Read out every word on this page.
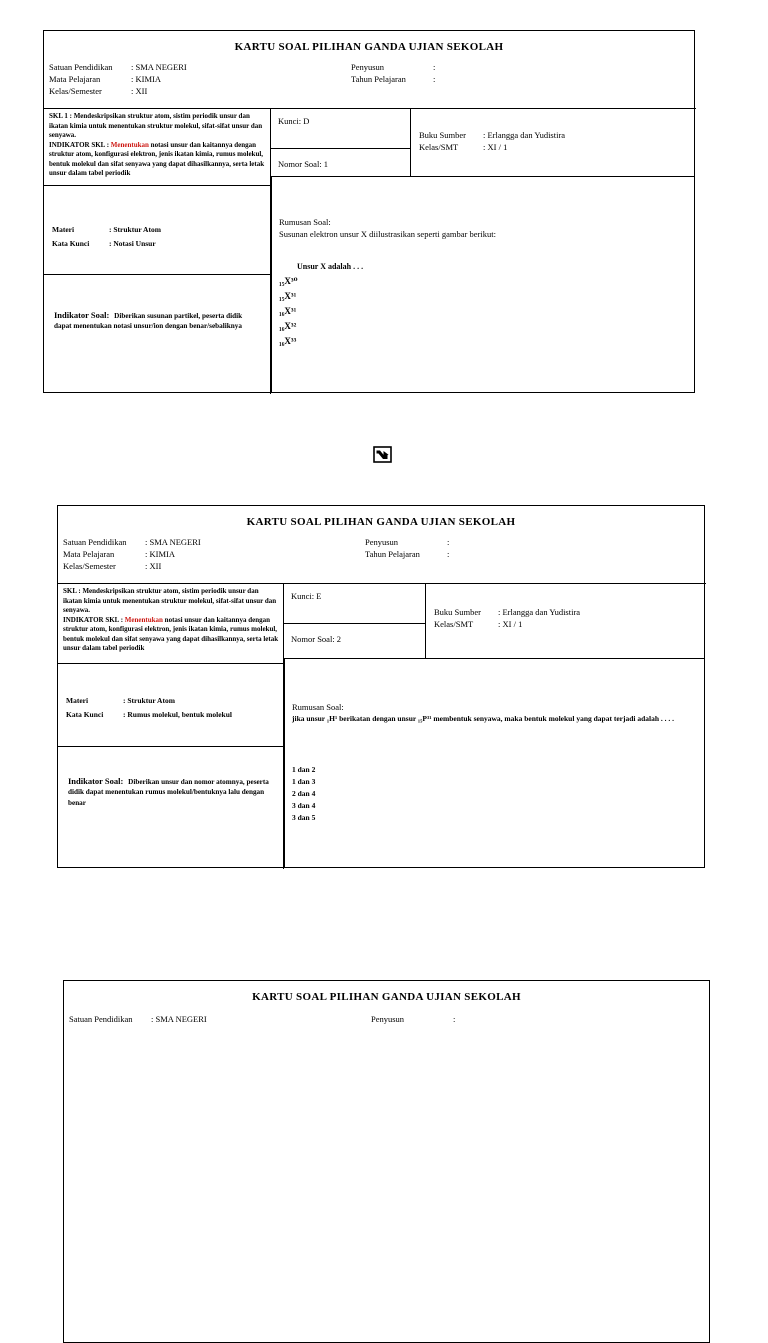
KARTU SOAL PILIHAN GANDA UJIAN SEKOLAH
Satuan Pendidikan : SMA NEGERI	Penyusun	:
Mata Pelajaran	: KIMIA	Tahun Pelajaran	:
Kelas/Semester	: XII
SKL 1 : Mendeskripsikan struktur atom, sistim periodik unsur dan ikatan kimia untuk menentukan struktur molekul, sifat-sifat unsur dan senyawa.
INDIKATOR SKL : Menentukan notasi unsur dan kaitannya dengan struktur atom, konfigurasi elektron, jenis ikatan kimia, rumus molekul, bentuk molekul dan sifat senyawa yang dapat dihasilkannya, serta letak unsur dalam tabel periodik
Kunci: D
Nomor Soal: 1
Buku Sumber : Erlangga dan Yudistira
Kelas/SMT	: XI / 1
Materi	: Struktur Atom
Kata Kunci	: Notasi Unsur
Indikator Soal: Diberikan susunan partikel, peserta didik dapat menentukan notasi unsur/ion dengan benar/sebaliknya
Rumusan Soal:
Susunan elektron unsur X diilustrasikan seperti gambar berikut:
Unsur X adalah . . .
₁₅X³⁰
₁₅X³¹
₁₆X³¹
₁₆X³²
₁₆X³³
KARTU SOAL PILIHAN GANDA UJIAN SEKOLAH
Satuan Pendidikan : SMA NEGERI	Penyusun	:
Mata Pelajaran	: KIMIA	Tahun Pelajaran	:
Kelas/Semester	: XII
SKL : Mendeskripsikan struktur atom, sistim periodik unsur dan ikatan kimia untuk menentukan struktur molekul, sifat-sifat unsur dan senyawa.
INDIKATOR SKL : Menentukan notasi unsur dan kaitannya dengan struktur atom, konfigurasi elektron, jenis ikatan kimia, rumus molekul, bentuk molekul dan sifat senyawa yang dapat dihasilkannya, serta letak unsur dalam tabel periodik
Kunci: E
Nomor Soal: 2
Buku Sumber : Erlangga dan Yudistira
Kelas/SMT	: XI / 1
Materi	: Struktur Atom
Kata Kunci	: Rumus molekul, bentuk molekul
Indikator Soal: Diberikan unsur dan nomor atomnya, peserta didik dapat menentukan rumus molekul/bentuknya lalu dengan benar
Rumusan Soal:
jika unsur ₁H¹ berikatan dengan unsur ₁₅P³¹ membentuk senyawa, maka bentuk molekul yang dapat terjadi adalah . . . .
1 dan 2
1 dan 3
2 dan 4
3 dan 4
3 dan 5
KARTU SOAL PILIHAN GANDA UJIAN SEKOLAH
Satuan Pendidikan : SMA NEGERI	Penyusun	:
